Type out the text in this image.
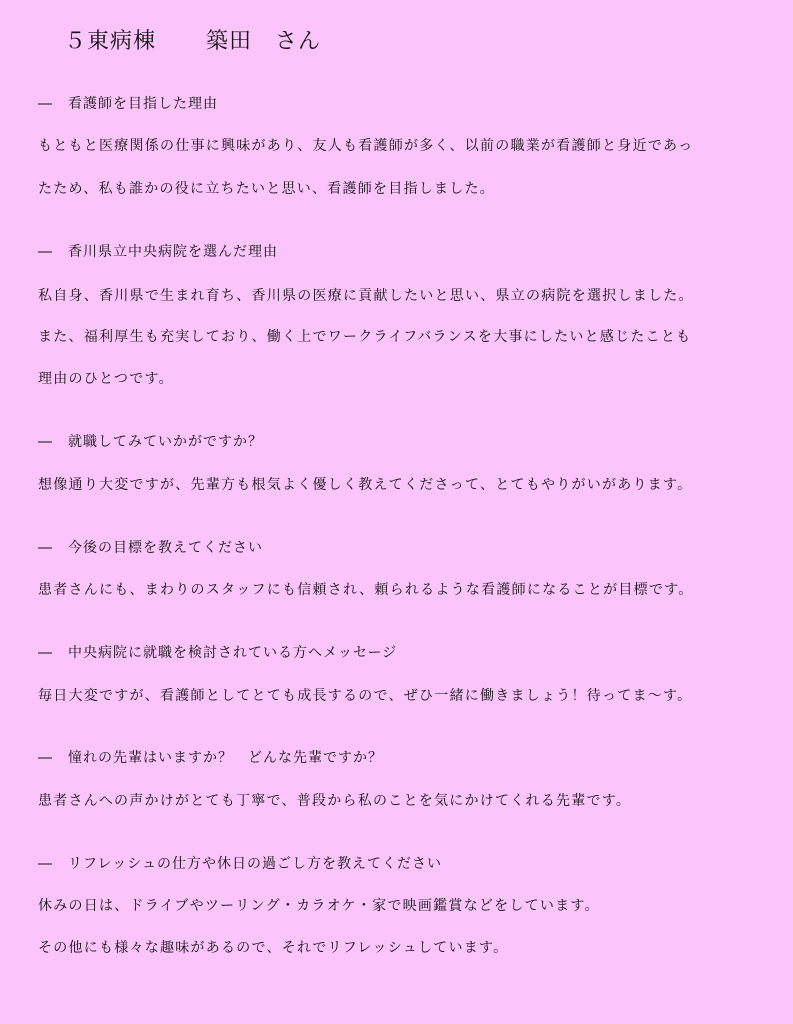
５東病棟 築田　さん
―　看護師を目指した理由
もともと医療関係の仕事に興味があり、友人も看護師が多く、以前の職業が看護師と身近であっ
たため、私も誰かの役に立ちたいと思い、看護師を目指しました。
―　香川県立中央病院を選んだ理由
私自身、香川県で生まれ育ち、香川県の医療に貢献したいと思い、県立の病院を選択しました。
また、福利厚生も充実しており、働く上でワークライフバランスを大事にしたいと感じたことも
理由のひとつです。
―　就職してみていかがですか？
想像通り大変ですが、先輩方も根気よく優しく教えてくださって、とてもやりがいがあります。
―　今後の目標を教えてください
患者さんにも、まわりのスタッフにも信頼され、頼られるような看護師になることが目標です。
―　中央病院に就職を検討されている方へメッセージ
毎日大変ですが、看護師としてとても成長するので、ぜひ一緒に働きましょう！待ってま～す。
―　憧れの先輩はいますか？　どんな先輩ですか？
患者さんへの声かけがとても丁寧で、普段から私のことを気にかけてくれる先輩です。
―　リフレッシュの仕方や休日の過ごし方を教えてください
休みの日は、ドライブやツーリング・カラオケ・家で映画鑑賞などをしています。
その他にも様々な趣味があるので、それでリフレッシュしています。
